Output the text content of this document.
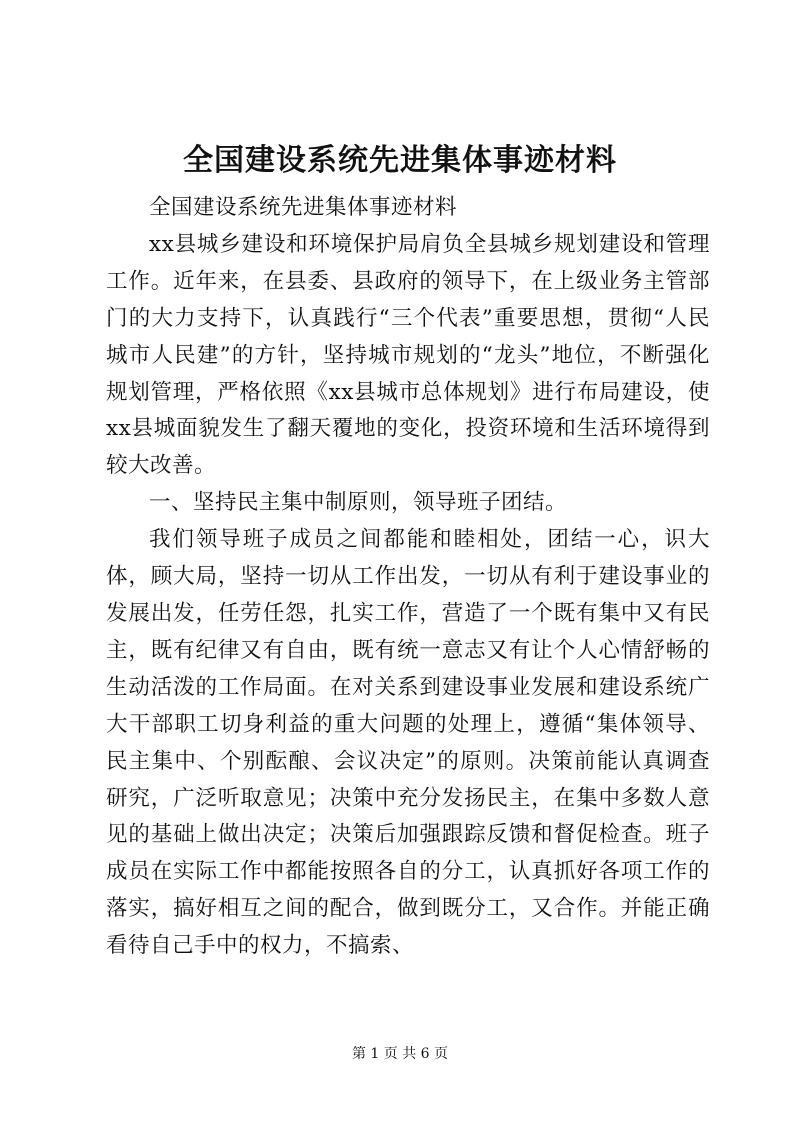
全国建设系统先进集体事迹材料

全国建设系统先进集体事迹材料

xx县城乡建设和环境保护局肩负全县城乡规划建设和管理工作。近年来，在县委、县政府的领导下，在上级业务主管部门的大力支持下，认真践行“三个代表”重要思想，贯彻“人民城市人民建”的方针，坚持城市规划的“龙头”地位，不断强化规划管理，严格依照《xx县城市总体规划》进行布局建设，使xx县城面貌发生了翻天覆地的变化，投资环境和生活环境得到较大改善。

一、坚持民主集中制原则，领导班子团结。

我们领导班子成员之间都能和睦相处，团结一心，识大体，顾大局，坚持一切从工作出发，一切从有利于建设事业的发展出发，任劳任怨，扎实工作，营造了一个既有集中又有民主，既有纪律又有自由，既有统一意志又有让个人心情舒畅的生动活泼的工作局面。在对关系到建设事业发展和建设系统广大干部职工切身利益的重大问题的处理上，遵循“集体领导、民主集中、个别酝酿、会议决定”的原则。决策前能认真调查研究，广泛听取意见；决策中充分发扬民主，在集中多数人意见的基础上做出决定；决策后加强跟踪反馈和督促检查。班子成员在实际工作中都能按照各自的分工，认真抓好各项工作的落实，搞好相互之间的配合，做到既分工，又合作。并能正确看待自己手中的权力，不搞索、

第 1 页 共 6 页
